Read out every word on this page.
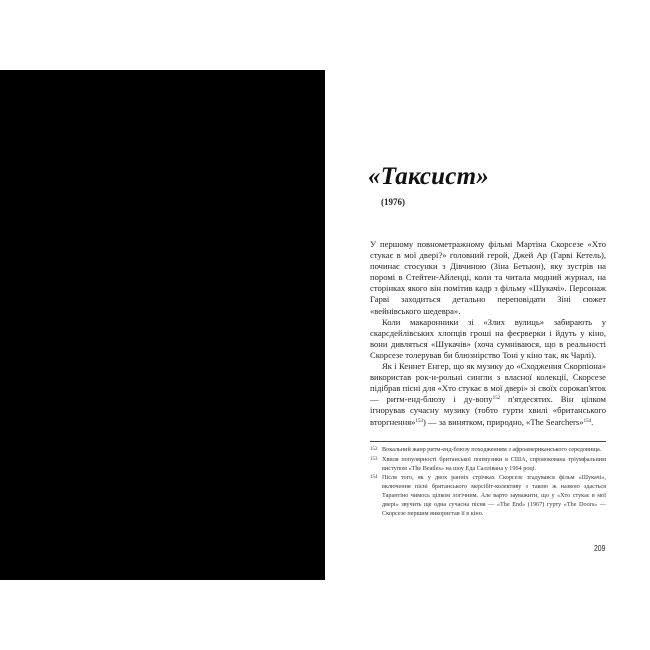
«Таксист»
(1976)

У першому повнометражному фільмі Мартіна Скорсезе «Хто стукає в мої двері?» головний герой, Джей Ар (Гарві Кетель), починає стосунки з Дівчиною (Зіна Бетьюн), яку зустрів на поромі в Стейтен-Айленді, коли та читала модний журнал, на сторінках якого він помітив кадр з фільму «Шукачі». Персонаж Гарві заходиться детально переповідати Зіні сюжет «вейнівського шедевра».

Коли макаронники зі «Злих вулиць» забирають у скарсдейлівських хлопців гроші на феєрверки і йдуть у кіно, вони дивляться «Шукачів» (хоча сумніваюся, що в реальності Скорсезе толерував би блюзнірство Тоні у кіно так, як Чарлі).

Як і Кеннет Енгер, що як музику до «Сходження Скорпіона» використав рок-н-рольні сингли з власної колекції, Скорсезе підібрав пісні для «Хто стукає в мої двері» зі своїх сорокап'яток — ритм-енд-блюзу і ду-вопу$^{152}$ п'ятдесятих. Він цілком ігнорував сучасну музику (тобто гурти хвилі «британського вторгнення»$^{153}$) — за винятком, природно, «The Searchers»$^{154}$.

152 Вокальний жанр ритм-енд-блюзу походженням з афроамериканського середовища.
153 Хвиля популярності британської попмузики в США, спровокована тріумфальним виступом «The Beatles» на шоу Еда Салліванa у 1964 році.
154 Після того, як у двох ранніх стрічках Скорсезе згадувався фільм «Шукачі», включення пісні британського мерсібіт-колективу з такою ж назвою здасться Тарантіно чимось цілком логічним. Але варто зауважити, що у «Хто стукає в мої двері» звучить ще одна сучасна пісня — «The End» (1967) гурту «The Doors» — Скорсезе першим використав її в кіно.
209
